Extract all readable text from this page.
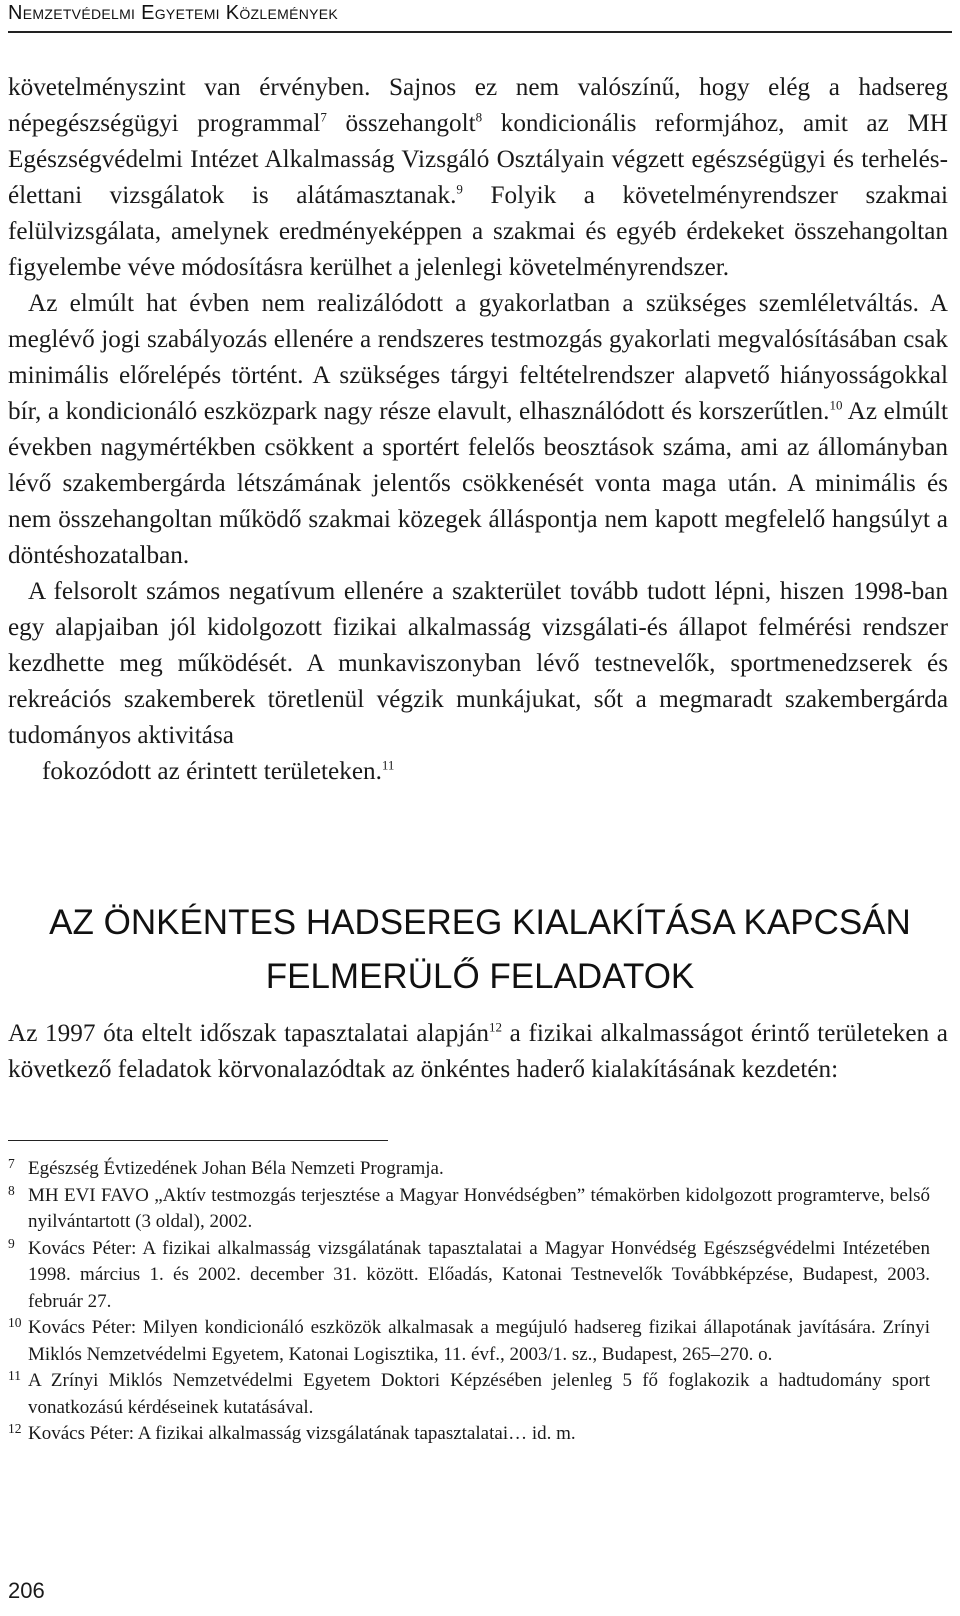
Nemzetvédelmi Egyetemi Közlemények

követelményszint van érvényben. Sajnos ez nem valószínű, hogy elég a hadsereg népegészségügyi programmal$^7$ összehangolt$^8$ kondicionális reformjához, amit az MH Egészségvédelmi Intézet Alkalmasság Vizsgáló Osztályain végzett egészségügyi és terhelés-élettani vizsgálatok is alátámasztanak.$^9$ Folyik a követelményrendszer szakmai felülvizsgálata, amelynek eredményeképpen a szakmai és egyéb érdekeket összehangoltan figyelembe véve módosításra kerülhet a jelenlegi követelményrendszer.

Az elmúlt hat évben nem realizálódott a gyakorlatban a szükséges szemléletváltás. A meglévő jogi szabályozás ellenére a rendszeres testmozgás gyakorlati megvalósításában csak minimális előrelépés történt. A szükséges tárgyi feltételrendszer alapvető hiányosságokkal bír, a kondicionáló eszközpark nagy része elavult, elhasználódott és korszerűtlen.$^{10}$ Az elmúlt években nagymértékben csökkent a sportért felelős beosztások száma, ami az állományban lévő szakembergárda létszámának jelentős csökkenését vonta maga után. A minimális és nem összehangoltan működő szakmai közegek álláspontja nem kapott megfelelő hangsúlyt a döntéshozatalban.

A felsorolt számos negatívum ellenére a szakterület tovább tudott lépni, hiszen 1998-ban egy alapjaiban jól kidolgozott fizikai alkalmasság vizsgálati-és állapot felmérési rendszer kezdhette meg működését. A munkaviszonyban lévő testnevelők, sportmenedzserek és rekreációs szakemberek töretlenül végzik munkájukat, sőt a megmaradt szakembergárda tudományos aktivitása

fokozódott az érintett területeken.$^{11}$

AZ ÖNKÉNTES HADSEREG KIALAKÍTÁSA KAPCSÁN
FELMERÜLŐ FELADATOK

Az 1997 óta eltelt időszak tapasztalatai alapján$^{12}$ a fizikai alkalmasságot érintő területeken a következő feladatok körvonalazódtak az önkéntes haderő kialakításának kezdetén:

7 Egészség Évtizedének Johan Béla Nemzeti Programja.
8 MH EVI FAVO „Aktív testmozgás terjesztése a Magyar Honvédségben” témakörben kidolgozott programterve, belső nyilvántartott (3 oldal), 2002.
9 Kovács Péter: A fizikai alkalmasság vizsgálatának tapasztalatai a Magyar Honvédség Egészségvédelmi Intézetében 1998. március 1. és 2002. december 31. között. Előadás, Katonai Testnevelők Továbbképzése, Budapest, 2003. február 27.
10 Kovács Péter: Milyen kondicionáló eszközök alkalmasak a megújuló hadsereg fizikai állapotának javítására. Zrínyi Miklós Nemzetvédelmi Egyetem, Katonai Logisztika, 11. évf., 2003/1. sz., Budapest, 265–270. o.
11 A Zrínyi Miklós Nemzetvédelmi Egyetem Doktori Képzésében jelenleg 5 fő foglakozik a hadtudomány sport vonatkozású kérdéseinek kutatásával.
12 Kovács Péter: A fizikai alkalmasság vizsgálatának tapasztalatai… id. m.
206
